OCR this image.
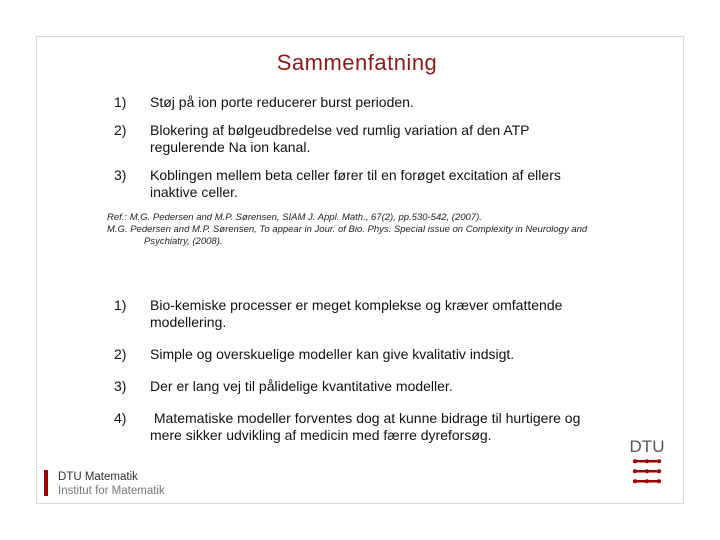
Sammenfatning
1) Støj på ion porte reducerer burst perioden.
2) Blokering af bølgeudbredelse ved rumlig variation af den ATP regulerende Na ion kanal.
3) Koblingen mellem beta celler fører til en forøget excitation af ellers inaktive celler.
Ref.: M.G. Pedersen and M.P. Sørensen, SIAM J. Appl. Math., 67(2), pp.530-542, (2007).
M.G. Pedersen and M.P. Sørensen, To appear in Jour. of Bio. Phys. Special issue on Complexity in Neurology and
Psychiatry, (2008).
1) Bio-kemiske processer er meget komplekse og kræver omfattende modellering.
2) Simple og overskuelige modeller kan give kvalitativ indsigt.
3) Der er lang vej til pålidelige kvantitative modeller.
4) Matematiske modeller forventes dog at kunne bidrage til hurtigere og mere sikker udvikling af medicin med færre dyreforsøg.
DTU Matematik
Institut for Matematik
DTU
